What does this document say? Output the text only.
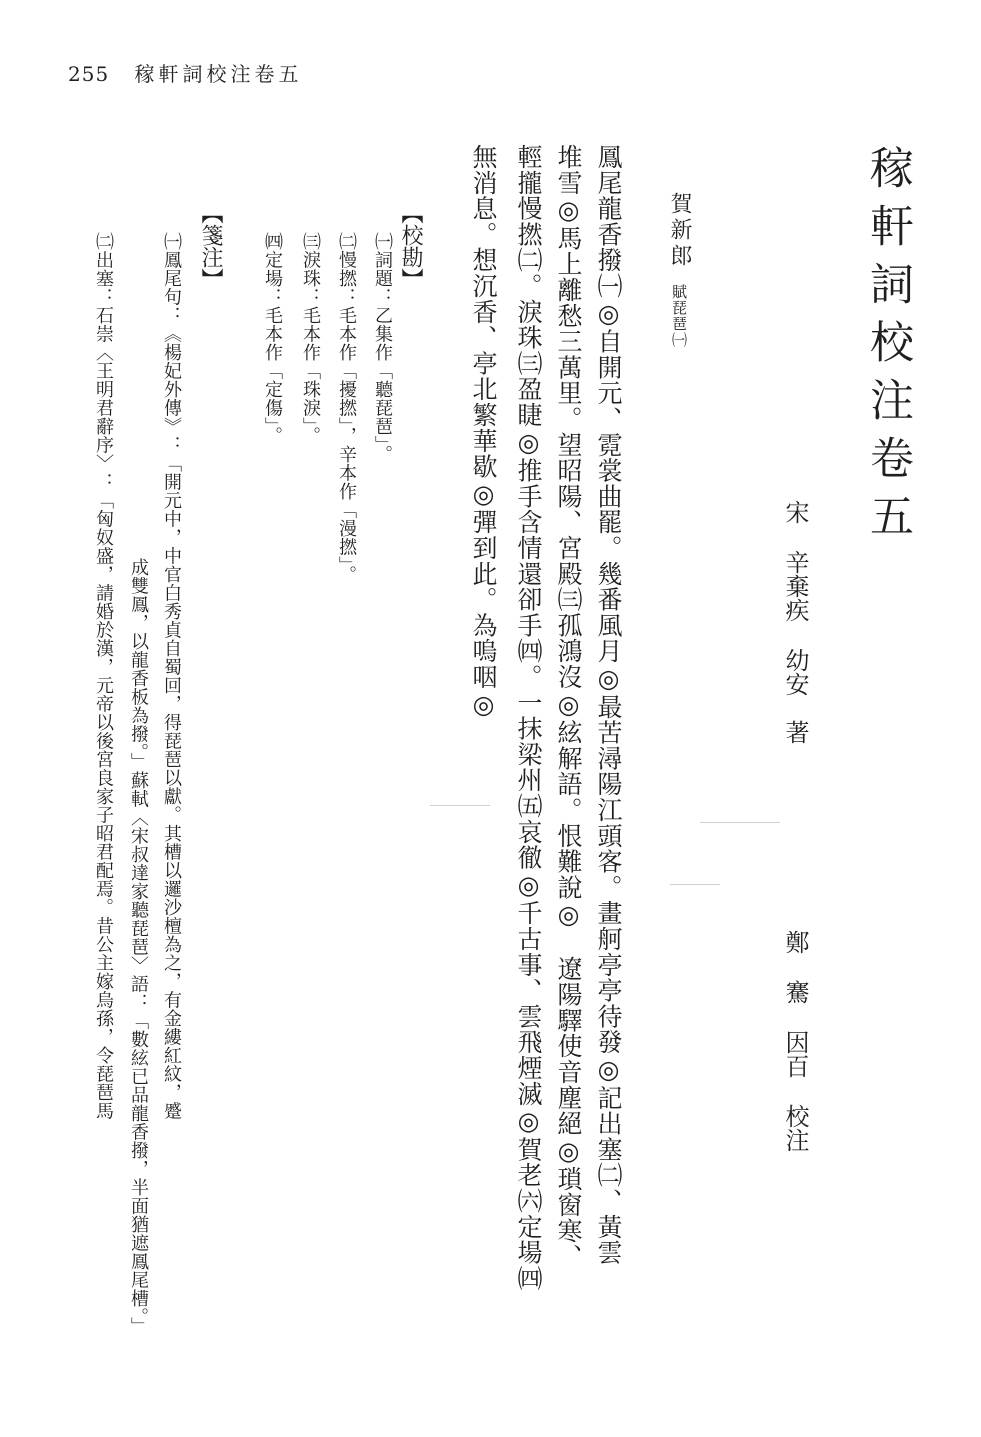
255 稼軒詞校注卷五
稼軒詞校注卷五
宋辛棄疾幼安著
鄭騫因百校注
賀新郎賦琵琶㈠
鳳尾龍香撥㈠◎自開元、霓裳曲罷。幾番風月◎最苦潯陽江頭客。畫舸亭亭待發◎記出塞㈡、黃雲
堆雪◎馬上離愁三萬里。望昭陽、宮殿㈢孤鴻沒◎絃解語。恨難說◎　遼陽驛使音塵絕◎瑣窗寒、
輕攏慢撚㈡。淚珠㈢盈睫◎推手含情還卻手㈣。一抹梁州㈤哀徹◎千古事、雲飛煙滅◎賀老㈥定場㈣
無消息。想沉香、亭北繁華歇◎彈到此。為嗚咽◎
【校勘】
㈠詞題：乙集作「聽琵琶」。
㈡慢撚：毛本作「擾撚」，辛本作「漫撚」。
㈢淚珠：毛本作「珠淚」。
㈣定場：毛本作「定傷」。
【箋注】
㈠鳳尾句：《楊妃外傳》：「開元中，中官白秀貞自蜀回，得琵琶以獻。其槽以邏沙檀為之，有金縷紅紋，蹙
成雙鳳，以龍香板為撥。」蘇軾〈宋叔達家聽琵琶〉語：「數絃已品龍香撥，半面猶遮鳳尾槽。」
㈡出塞：石崇〈王明君辭序〉：「匈奴盛，請婚於漢，元帝以後宮良家子昭君配焉。昔公主嫁烏孫，令琵琶馬
